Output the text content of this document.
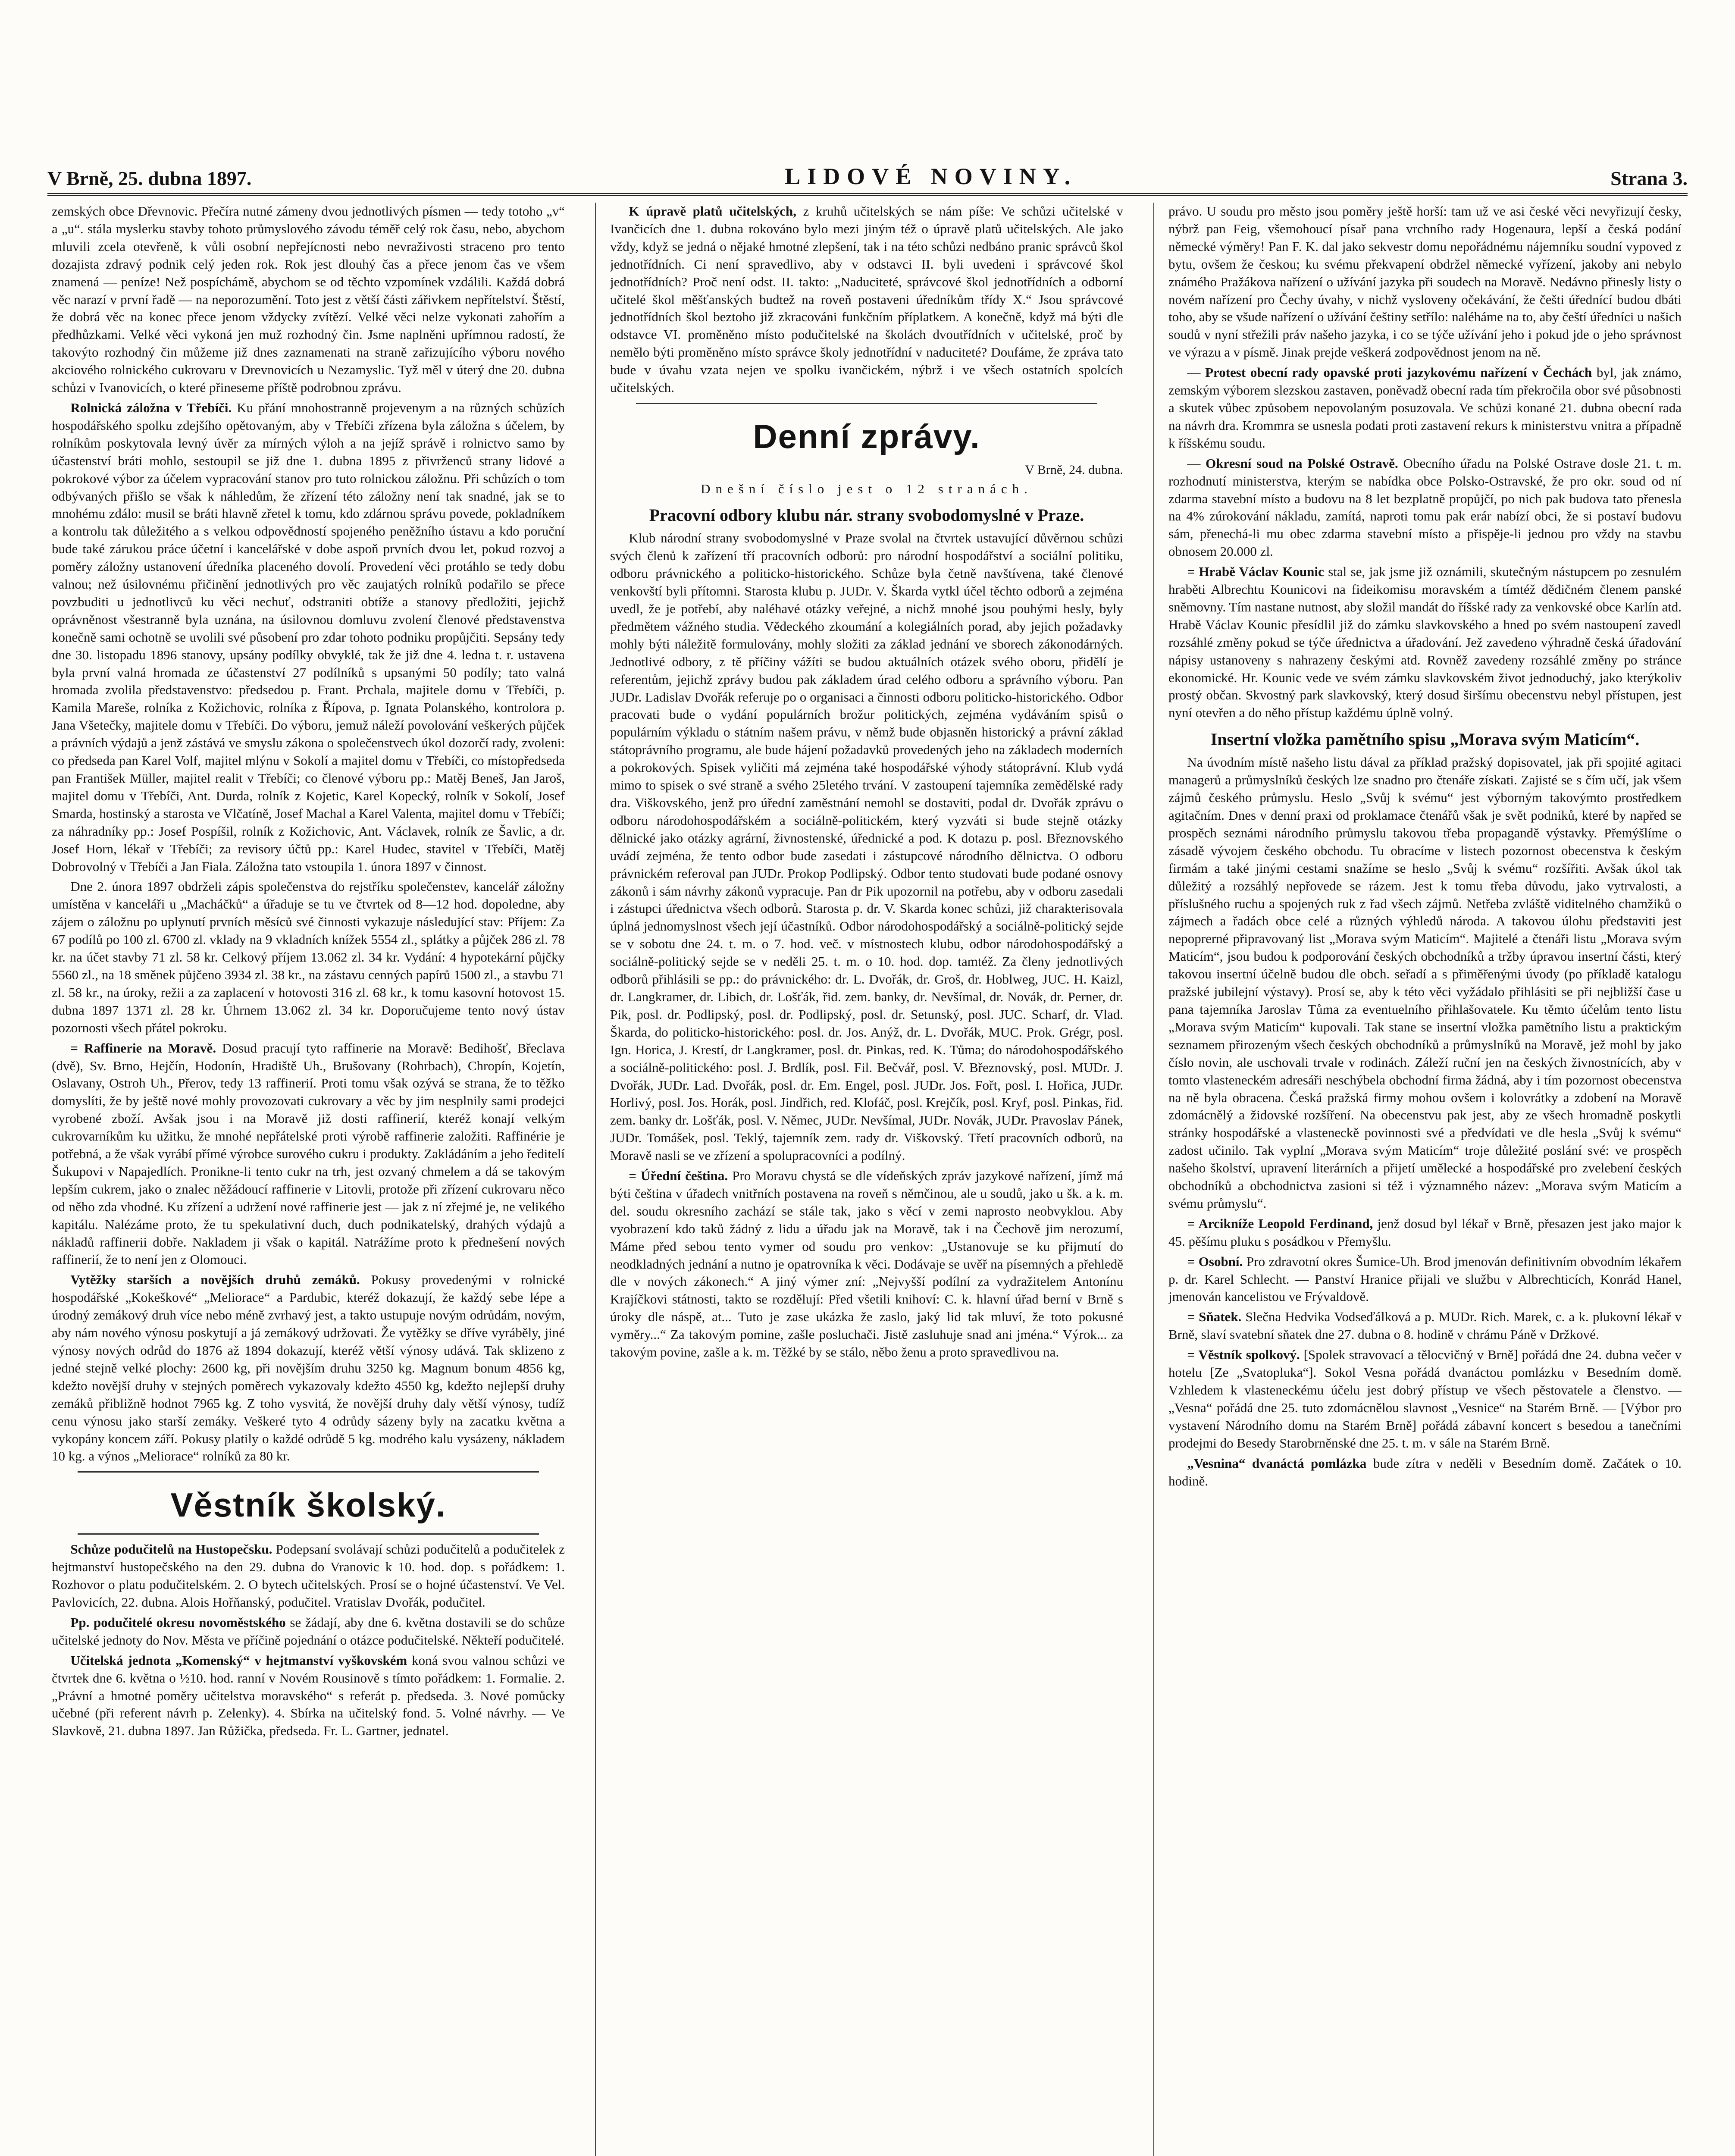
V Brně, 25. dubna 1897.	LIDOVÉ NOVINY.	Strana 3.

zemských obce Dřevnovic. Přečíra nutné zámeny dvou jednotlivých písmen — tedy totoho „v“ a „u“. stála myslerku stavby tohoto průmyslového závodu téměř celý rok času, nebo, abychom mluvili zcela otevřeně, k vůli osobní nepřejícnosti nebo nevraživosti straceno pro tento dozajista zdravý podnik celý jeden rok. Rok jest dlouhý čas a přece jenom čas ve všem znamená — peníze! Než pospíchámě, abychom se od těchto vzpomínek vzdálili. Každá dobrá věc narazí v první řadě — na neporozumění. Toto jest z větší části zářivkem nepřítelství. Štěstí, že dobrá věc na konec přece jenom vždycky zvítězí. Velké věci nelze vykonati zahořím a předhůzkami. Velké věci vykoná jen muž rozhodný čin. Jsme naplněni upřímnou radostí, že takovýto rozhodný čin můžeme již dnes zaznamenati na straně zařizujícího výboru nového akciového rolnického cukrovaru v Drevnovicích u Nezamyslic. Tyž měl v úterý dne 20. dubna schůzi v Ivanovicích, o které přineseme příště podrobnou zprávu.

Rolnická záložna v Třebíči. Ku přání mnohostranně projevenym a na různých schůzích hospodářského spolku zdejšího opětovaným, aby v Třebíči zřízena byla záložna s účelem, by rolníkům poskytovala levný úvěr za mírných výloh a na jejíž správě i rolnictvo samo by účastenství bráti mohlo, sestoupil se již dne 1. dubna 1895 z přivrženců strany lidové a pokrokové výbor za účelem vypracování stanov pro tuto rolnickou záložnu. Při schůzích o tom odbývaných přišlo se však k náhledům, že zřízení této záložny není tak snadné, jak se to mnohému zdálo: musil se bráti hlavně zřetel k tomu, kdo zdárnou správu povede, pokladníkem a kontrolu tak důležitého a s velkou odpovědností spojeného peněžního ústavu a kdo poruční bude také zárukou práce účetní i kancelářské v dobe aspoň prvních dvou let, pokud rozvoj a poměry záložny ustanovení úředníka placeného dovolí. Provedení věci protáhlo se tedy dobu valnou; než úsilovnému přičinění jednotlivých pro věc zaujatých rolníků podařilo se přece povzbuditi u jednotlivců ku věci nechuť, odstraniti obtíže a stanovy předložiti, jejichž oprávněnost všestranně byla uznána, na úsilovnou domluvu zvolení členové představenstva konečně sami ochotně se uvolili své působení pro zdar tohoto podniku propůjčiti. Sepsány tedy dne 30. listopadu 1896 stanovy, upsány podílky obvyklé, tak že již dne 4. ledna t. r. ustavena byla první valná hromada ze účastenství 27 podílníků s upsanými 50 podíly; tato valná hromada zvolila představenstvo: předsedou p. Frant. Prchala, majitele domu v Třebíči, p. Kamila Mareše, rolníka z Kožichovic, rolníka z Řípova, p. Ignata Polanského, kontrolora p. Jana Všetečky, majitele domu v Třebíči. Do výboru, jemuž náleží povolování veškerých půjček a právních výdajů a jenž zástává ve smyslu zákona o společenstvech úkol dozorčí rady, zvoleni: co předseda pan Karel Volf, majitel mlýnu v Sokolí a majitel domu v Třebíči, co místopředseda pan František Müller, majitel realit v Třebíči; co členové výboru pp.: Matěj Beneš, Jan Jaroš, majitel domu v Třebíči, Ant. Durda, rolník z Kojetic, Karel Kopecký, rolník v Sokolí, Josef Smarda, hostinský a starosta ve Vlčatíně, Josef Machal a Karel Valenta, majitel domu v Třebíči; za náhradníky pp.: Josef Pospíšil, rolník z Kožichovic, Ant. Václavek, rolník ze Šavlic, a dr. Josef Horn, lékař v Třebíči; za revisory účtů pp.: Karel Hudec, stavitel v Třebíči, Matěj Dobrovolný v Třebíči a Jan Fiala. Záložna tato vstoupila 1. února 1897 v činnost.

Dne 2. února 1897 obdrželi zápis společenstva do rejstříku společenstev, kancelář záložny umístěna v kanceláři u „Macháčků“ a úřaduje se tu ve čtvrtek od 8—12 hod. dopoledne, aby zájem o záložnu po uplynutí prvních měsíců své činnosti vykazuje následující stav: Příjem: Za 67 podílů po 100 zl. 6700 zl. vklady na 9 vkladních knížek 5554 zl., splátky a půjček 286 zl. 78 kr. na účet stavby 71 zl. 58 kr. Celkový příjem 13.062 zl. 34 kr. Vydání: 4 hypotekární půjčky 5560 zl., na 18 směnek půjčeno 3934 zl. 38 kr., na zástavu cenných papírů 1500 zl., a stavbu 71 zl. 58 kr., na úroky, režii a za zaplacení v hotovosti 316 zl. 68 kr., k tomu kasovní hotovost 15. dubna 1897 1371 zl. 28 kr. Úhrnem 13.062 zl. 34 kr. Doporučujeme tento nový ústav pozornosti všech přátel pokroku.

= Raffinerie na Moravě. Dosud pracují tyto raffinerie na Moravě: Bedihošť, Břeclava (dvě), Sv. Brno, Hejčín, Hodonín, Hradiště Uh., Brušovany (Rohrbach), Chropín, Kojetín, Oslavany, Ostroh Uh., Přerov, tedy 13 raffinerií. Proti tomu však ozývá se strana, že to těžko domyslíti, že by ještě nové mohly provozovati cukrovary a věc by jim nesplnily sami prodejci vyrobené zboží. Avšak jsou i na Moravě již dosti raffinerií, kteréž konají velkým cukrovarníkům ku užitku, že mnohé nepřátelské proti výrobě raffinerie založiti. Raffinérie je potřebná, a že však vyrábí přímé výrobce surového cukru i produkty. Zakládáním a jeho ředitelí Šukupovi v Napajedlích. Pronikne-li tento cukr na trh, jest ozvaný chmelem a dá se takovým lepším cukrem, jako o znalec něžádoucí raffinerie v Litovli, protože při zřízení cukrovaru něco od něho zda vhodné. Ku zřízení a udržení nové raffinerie jest — jak z ní zřejmé je, ne velikého kapitálu. Nalézáme proto, že tu spekulativní duch, duch podnikatelský, drahých výdajů a nákladů raffinerii dobře. Nakladem ji však o kapitál. Natrážíme proto k přednešení nových raffinerií, že to není jen z Olomouci.

Vytěžky starších a novějších druhů zemáků. Pokusy provedenými v rolnické hospodářské „Kokeškové“ „Meliorace“ a Pardubic, kteréž dokazují, že každý sebe lépe a úrodný zemákový druh více nebo méně zvrhavý jest, a takto ustupuje novým odrůdám, novým, aby nám nového výnosu poskytují a já zemákový udržovati. Že vytěžky se dříve vyráběly, jiné výnosy nových odrůd do 1876 až 1894 dokazují, kteréž větší výnosy udává. Tak sklizeno z jedné stejně velké plochy: 2600 kg, při novějším druhu 3250 kg. Magnum bonum 4856 kg, kdežto novější druhy v stejných poměrech vykazovaly kdežto 4550 kg, kdežto nejlepší druhy zemáků přibližně hodnot 7965 kg. Z toho vysvitá, že novější druhy daly větší výnosy, tudíž cenu výnosu jako starší zemáky. Veškeré tyto 4 odrůdy sázeny byly na zacatku května a vykopány koncem září. Pokusy platily o každé odrůdě 5 kg. modrého kalu vysázeny, nákladem 10 kg. a výnos „Meliorace“ rolníků za 80 kr.

Věstník školský.

Schůze podučitelů na Hustopečsku. Podepsaní svolávají schůzi podučitelů a podučitelek z hejtmanství hustopečského na den 29. dubna do Vranovic k 10. hod. dop. s pořádkem: 1. Rozhovor o platu podučitelském. 2. O bytech učitelských. Prosí se o hojné účastenství. Ve Vel. Pavlovicích, 22. dubna. Alois Hořňanský, podučitel. Vratislav Dvořák, podučitel.

Pp. podučitelé okresu novoměstského se žádají, aby dne 6. května dostavili se do schůze učitelské jednoty do Nov. Města ve příčině pojednání o otázce podučitelské. Někteří podučitelé.

Učitelská jednota „Komenský“ v hejtmanství vyškovském koná svou valnou schůzi ve čtvrtek dne 6. května o ½10. hod. ranní v Novém Rousinově s tímto pořádkem: 1. Formalie. 2. „Právní a hmotné poměry učitelstva moravského“ s referát p. předseda. 3. Nové pomůcky učebné (při referent návrh p. Zelenky). 4. Sbírka na učitelský fond. 5. Volné návrhy. — Ve Slavkově, 21. dubna 1897. Jan Růžička, předseda. Fr. L. Gartner, jednatel.

K úpravě platů učitelských, z kruhů učitelských se nám píše: Ve schůzi učitelské v Ivančicích dne 1. dubna rokováno bylo mezi jiným též o úpravě platů učitelských. Ale jako vždy, když se jedná o nějaké hmotné zlepšení, tak i na této schůzi nedbáno pranic správců škol jednotřídních. Ci není spravedlivo, aby v odstavci II. byli uvedeni i správcové škol jednotřídních? Proč není odst. II. takto: „Naduciteté, správcové škol jednotřídních a odborní učitelé škol měšťanských budtež na roveň postaveni úředníkům třídy X.“ Jsou správcové jednotřídních škol beztoho již zkracováni funkčním příplatkem. A konečně, když má býti dle odstavce VI. proměněno místo podučitelské na školách dvoutřídních v učitelské, proč by nemělo býti proměněno místo správce školy jednotřídní v naduciteté? Doufáme, že zpráva tato bude v úvahu vzata nejen ve spolku ivančickém, nýbrž i ve všech ostatních spolcích učitelských.

Denní zprávy.
V Brně, 24. dubna.
Dnešní číslo jest o 12 stranách.
Pracovní odbory klubu nár. strany svobodomyslné v Praze.

Klub národní strany svobodomyslné v Praze svolal na čtvrtek ustavující důvěrnou schůzi svých členů k zařízení tří pracovních odborů: pro národní hospodářství a sociální politiku, odboru právnického a politicko-historického. Schůze byla četně navštívena, také členové venkovští byli přítomni. Starosta klubu p. JUDr. V. Škarda vytkl účel těchto odborů a zejména uvedl, že je potřebí, aby naléhavé otázky veřejné, a nichž mnohé jsou pouhými hesly, byly předmětem vážného studia. Vědeckého zkoumání a kolegiálních porad, aby jejich požadavky mohly býti náležitě formulovány, mohly složiti za základ jednání ve sborech zákonodárných. Jednotlivé odbory, z tě příčiny vážíti se budou aktuálních otázek svého oboru, přidělí je referentům, jejichž zprávy budou pak základem úrad celého odboru a správního výboru. Pan JUDr. Ladislav Dvořák referuje po o organisaci a činnosti odboru politicko-historického. Odbor pracovati bude o vydání populárních brožur politických, zejména vydáváním spisů o populárním výkladu o státním našem právu, v němž bude objasněn historický a právní základ státoprávního programu, ale bude hájení požadavků provedených jeho na základech moderních a pokrokových. Spisek vyličiti má zejména také hospodářské výhody státoprávní. Klub vydá mimo to spisek o své straně a svého 25letého trvání. V zastoupení tajemníka zemědělské rady dra. Viškovského, jenž pro úřední zaměstnání nemohl se dostaviti, podal dr. Dvořák zprávu o odboru národohospodářském a sociálně-politickém, který vyzváti si bude stejně otázky dělnické jako otázky agrární, živnostenské, úřednické a pod. K dotazu p. posl. Březnovského uvádí zejména, že tento odbor bude zasedati i zástupcové národního dělnictva. O odboru právnickém referoval pan JUDr. Prokop Podlipský. Odbor tento studovati bude podané osnovy zákonů i sám návrhy zákonů vypracuje. Pan dr Pik upozornil na potřebu, aby v odboru zasedali i zástupci úřednictva všech odborů. Starosta p. dr. V. Skarda konec schůzi, již charakterisovala úplná jednomyslnost všech její účastníků. Odbor národohospodářský a sociálně-politický sejde se v sobotu dne 24. t. m. o 7. hod. več. v místnostech klubu, odbor národohospodářský a sociálně-politický sejde se v neděli 25. t. m. o 10. hod. dop. tamtéž. Za členy jednotlivých odborů přihlásili se pp.: do právnického: dr. L. Dvořák, dr. Groš, dr. Hoblweg, JUC. H. Kaizl, dr. Langkramer, dr. Libich, dr. Lošťák, řid. zem. banky, dr. Nevšímal, dr. Novák, dr. Perner, dr. Pik, posl. dr. Podlipský, posl. dr. Podlipský, posl. dr. Setunský, posl. JUC. Scharf, dr. Vlad. Škarda, do politicko-historického: posl. dr. Jos. Anýž, dr. L. Dvořák, MUC. Prok. Grégr, posl. Ign. Horica, J. Krestí, dr Langkramer, posl. dr. Pinkas, red. K. Tůma; do národohospodářského a sociálně-politického: posl. J. Brdlík, posl. Fil. Bečvář, posl. V. Březnovský, posl. MUDr. J. Dvořák, JUDr. Lad. Dvořák, posl. dr. Em. Engel, posl. JUDr. Jos. Fořt, posl. I. Hořica, JUDr. Horlivý, posl. Jos. Horák, posl. Jindřich, red. Klofáč, posl. Krejčík, posl. Kryf, posl. Pinkas, řid. zem. banky dr. Lošťák, posl. V. Němec, JUDr. Nevšímal, JUDr. Novák, JUDr. Pravoslav Pánek, JUDr. Tomášek, posl. Teklý, tajemník zem. rady dr. Viškovský. Třetí pracovních odborů, na Moravě nasli se ve zřízení a spolupracovníci a podílný.

= Úřední čeština. Pro Moravu chystá se dle vídeňských zpráv jazykové nařízení, jímž má býti čeština v úřadech vnitřních postavena na roveň s němčinou, ale u soudů, jako u šk. a k. m. del. soudu okresního zachází se stále tak, jako s věcí v zemi naprosto neobvyklou. Aby vyobrazení kdo taků žádný z lidu a úřadu jak na Moravě, tak i na Čechově jim nerozumí, Máme před sebou tento vymer od soudu pro venkov: „Ustanovuje se ku přijmutí do neodkladných jednání a nutno je opatrovníka k věci. Dodávaje se uvěř na písemných a přehledě dle v nových zákonech.“ A jiný výmer zní: „Nejvyšší podílní za vydražitelem Antonínu Krajíčkovi státnosti, takto se rozdělují: Před všetili knihoví: C. k. hlavní úřad berní v Brně s úroky dle náspě, at... Tuto je zase ukázka že zaslo, jaký lid tak mluví, že toto pokusné vyměry...“ Za takovým pomine, zašle posluchači. Jistě zasluhuje snad ani jména.“ Výrok... za takovým povine, zašle a k. m. Těžké by se stálo, něbo ženu a proto spravedlivou na.

právo. U soudu pro město jsou poměry ještě horší: tam už ve asi české věci nevyřizují česky, nýbrž pan Feig, všemohoucí písař pana vrchního rady Hogenaura, lepší a česká podání německé výměry! Pan F. K. dal jako sekvestr domu nepořádnému nájemníku soudní vypoved z bytu, ovšem že českou; ku svému překvapení obdržel německé vyřízení, jakoby ani nebylo známého Pražákova nařízení o užívání jazyka při soudech na Moravě. Nedávno přinesly listy o novém nařízení pro Čechy úvahy, v nichž vysloveny očekávání, že češti úřednící budou dbáti toho, aby se všude nařízení o užívání češtiny setřílo: naléháme na to, aby čeští úředníci u našich soudů v nyní střežili práv našeho jazyka, i co se týče užívání jeho i pokud jde o jeho správnost ve výrazu a v písmě. Jinak prejde veškerá zodpovědnost jenom na ně.

— Protest obecní rady opavské proti jazykovému nařízení v Čechách byl, jak známo, zemským výborem slezskou zastaven, poněvadž obecní rada tím překročila obor své působnosti a skutek vůbec způsobem nepovolaným posuzovala. Ve schůzi konané 21. dubna obecní rada na návrh dra. Krommra se usnesla podati proti zastavení rekurs k ministerstvu vnitra a případně k říšskému soudu.

— Okresní soud na Polské Ostravě. Obecního úřadu na Polské Ostrave dosle 21. t. m. rozhodnutí ministerstva, kterým se nabídka obce Polsko-Ostravské, že pro okr. soud od ní zdarma stavební místo a budovu na 8 let bezplatně propůjčí, po nich pak budova tato přenesla na 4% zúrokování nákladu, zamítá, naproti tomu pak erár nabízí obci, že si postaví budovu sám, přenechá-li mu obec zdarma stavební místo a přispěje-li jednou pro vždy na stavbu obnosem 20.000 zl.

= Hrabě Václav Kounic stal se, jak jsme již oznámili, skutečným nástupcem po zesnulém hraběti Albrechtu Kounicovi na fideikomisu moravském a tímtéž dědičném členem panské sněmovny. Tím nastane nutnost, aby složil mandát do říšské rady za venkovské obce Karlín atd. Hrabě Václav Kounic přesídlil již do zámku slavkovského a hned po svém nastoupení zavedl rozsáhlé změny pokud se týče úřednictva a úřadování. Jež zavedeno výhradně česká úřadování nápisy ustanoveny s nahrazeny českými atd. Rovněž zavedeny rozsáhlé změny po stránce ekonomické. Hr. Kounic vede ve svém zámku slavkovském život jednoduchý, jako kterýkoliv prostý občan. Skvostný park slavkovský, který dosud širšímu obecenstvu nebyl přístupen, jest nyní otevřen a do něho přístup každému úplně volný.

Insertní vložka pamětního spisu „Morava svým Maticím“.

Na úvodním místě našeho listu dával za příklad pražský dopisovatel, jak při spojité agitaci managerů a průmyslníků českých lze snadno pro čtenáře získati. Zajisté se s čím učí, jak všem zájmů českého průmyslu. Heslo „Svůj k svému“ jest výborným takovýmto prostředkem agitačním. Dnes v denní praxi od proklamace čtenářů však je svět podniků, které by napřed se prospěch seznámi národního průmyslu takovou třeba propagandě výstavky. Přemýšlíme o zásadě vývojem českého obchodu. Tu obracíme v listech pozornost obecenstva k českým firmám a také jinými cestami snažíme se heslo „Svůj k svému“ rozšířiti. Avšak úkol tak důležitý a rozsáhlý nepřovede se rázem. Jest k tomu třeba důvodu, jako vytrvalosti, a příslušného ruchu a spojených ruk z řad všech zájmů. Netřeba zvláště viditelného chamžiků o zájmech a řadách obce celé a různých výhledů národa. A takovou úlohu představiti jest nepoprerné připravovaný list „Morava svým Maticím“. Majitelé a čtenáři listu „Morava svým Maticím“, jsou budou k podporování českých obchodníků a tržby úpravou insertní části, který takovou insertní účelně budou dle obch. seřadí a s přiměřenými úvody (po příkladě katalogu pražské jubilejní výstavy). Prosí se, aby k této věci vyžádalo přihlásiti se při nejbližší čase u pana tajemníka Jaroslav Tůma za eventuelního přihlašovatele. Ku těmto účelům tento listu „Morava svým Maticím“ kupovali. Tak stane se insertní vložka pamětního listu a praktickým seznamem přirozeným všech českých obchodníků a průmyslníků na Moravě, jež mohl by jako číslo novin, ale uschovali trvale v rodinách. Záleží ruční jen na českých živnostnících, aby v tomto vlasteneckém adresáři neschýbela obchodní firma žádná, aby i tím pozornost obecenstva na ně byla obracena. Česká pražská firmy mohou ovšem i kolovrátky a zdobení na Moravě zdomácnělý a židovské rozšíření. Na obecenstvu pak jest, aby ze všech hromadně poskytli stránky hospodářské a vlasteneckě povinnosti své a předvídati ve dle hesla „Svůj k svému“ zadost učinilo. Tak vyplní „Morava svým Maticím“ troje důležité poslání své: ve prospěch našeho školství, upravení literárních a přijetí umělecké a hospodářské pro zvelebení českých obchodníků a obchodnictva zasioni si též i významného název: „Morava svým Maticím a svému průmyslu“.

= Arcikníže Leopold Ferdinand, jenž dosud byl lékař v Brně, přesazen jest jako major k 45. pěšímu pluku s posádkou v Přemyšlu.

= Osobní. Pro zdravotní okres Šumice-Uh. Brod jmenován definitivním obvodním lékařem p. dr. Karel Schlecht. — Panství Hranice přijali ve službu v Albrechticích, Konrád Hanel, jmenován kancelistou ve Frývaldově.

= Sňatek. Slečna Hedvika Vodseďálková a p. MUDr. Rich. Marek, c. a k. plukovní lékař v Brně, slaví svatební sňatek dne 27. dubna o 8. hodině v chrámu Páně v Držkové.

= Věstník spolkový. [Spolek stravovací a tělocvičný v Brně] pořádá dne 24. dubna večer v hotelu [Ze „Svatopluka“]. Sokol Vesna pořádá dvanáctou pomlázku v Besedním domě. Vzhledem k vlasteneckému účelu jest dobrý přístup ve všech pěstovatele a členstvo. — „Vesna“ pořádá dne 25. tuto zdomácnělou slavnost „Vesnice“ na Starém Brně. — [Výbor pro vystavení Národního domu na Starém Brně] pořádá zábavní koncert s besedou a tanečními prodejmi do Besedy Starobrněnské dne 25. t. m. v sále na Starém Brně.

„Vesnina“ dvanáctá pomlázka bude zítra v neděli v Besedním domě. Začátek o 10. hodině.
